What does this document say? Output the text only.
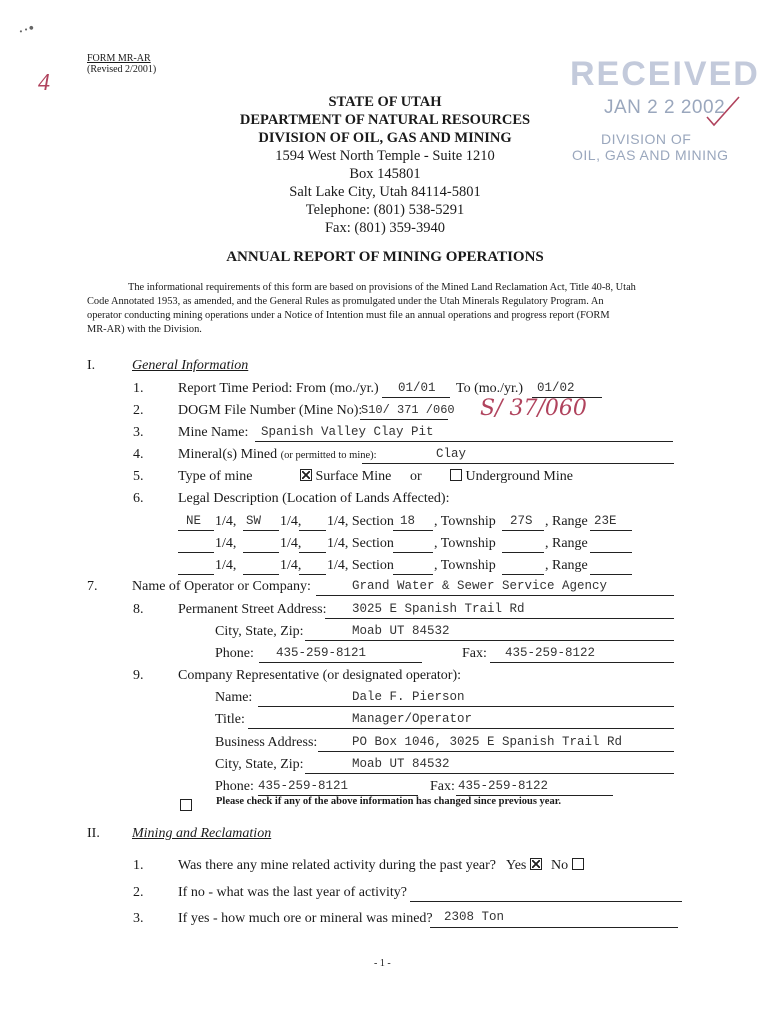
⋅⋅•
4
FORM MR-AR
(Revised 2/2001)	RECEIVED
JAN 2 2 2002
DIVISION OF
OIL, GAS AND MINING
STATE OF UTAH
DEPARTMENT OF NATURAL RESOURCES
DIVISION OF OIL, GAS AND MINING
1594 West North Temple - Suite 1210
Box 145801
Salt Lake City, Utah 84114-5801
Telephone: (801) 538-5291
Fax: (801) 359-3940
ANNUAL REPORT OF MINING OPERATIONS
The informational requirements of this form are based on provisions of the Mined Land Reclamation Act, Title 40-8, Utah
Code Annotated 1953, as amended, and the General Rules as promulgated under the Utah Minerals Regulatory Program. An
operator conducting mining operations under a Notice of Intention must file an annual operations and progress report (FORM
MR-AR) with the Division.
I.	General Information
1. Report Time Period: From (mo./yr.) 01/01 To (mo./yr.) 01/02
2. DOGM File Number (Mine No):
S10/ 371 /060 S/ 37/060
3. Mine Name: Spanish Valley Clay Pit
4. Mineral(s) Mined (or permitted to mine):	Clay
5. Type of mine	Surface Mine or	Underground Mine
6. Legal Description (Location of Lands Affected):
NE 1/4, SW 1/4, 1/4, Section 18 , Township 27S , Range 23E
1/4,	1/4, 1/4, Section	, Township	, Range
1/4,	1/4, 1/4, Section	, Township	, Range
7. Name of Operator or Company:	Grand Water & Sewer Service Agency
8. Permanent Street Address: 3025 E Spanish Trail Rd
City, State, Zip:	Moab UT 84532
Phone: 435-259-8121	Fax: 435-259-8122
9. Company Representative (or designated operator):
Name:	Dale F. Pierson
Title:	Manager/Operator
Business Address:	PO Box 1046, 3025 E Spanish Trail Rd
City, State, Zip:	Moab UT 84532
Phone: 435-259-8121	Fax: 435-259-8122
Please check if any of the above information has changed since previous year.
II. Mining and Reclamation
1. Was there any mine related activity during the past year? Yes	No
2. If no - what was the last year of activity?
3. If yes - how much ore or mineral was mined? 2308 Ton
- 1 -
